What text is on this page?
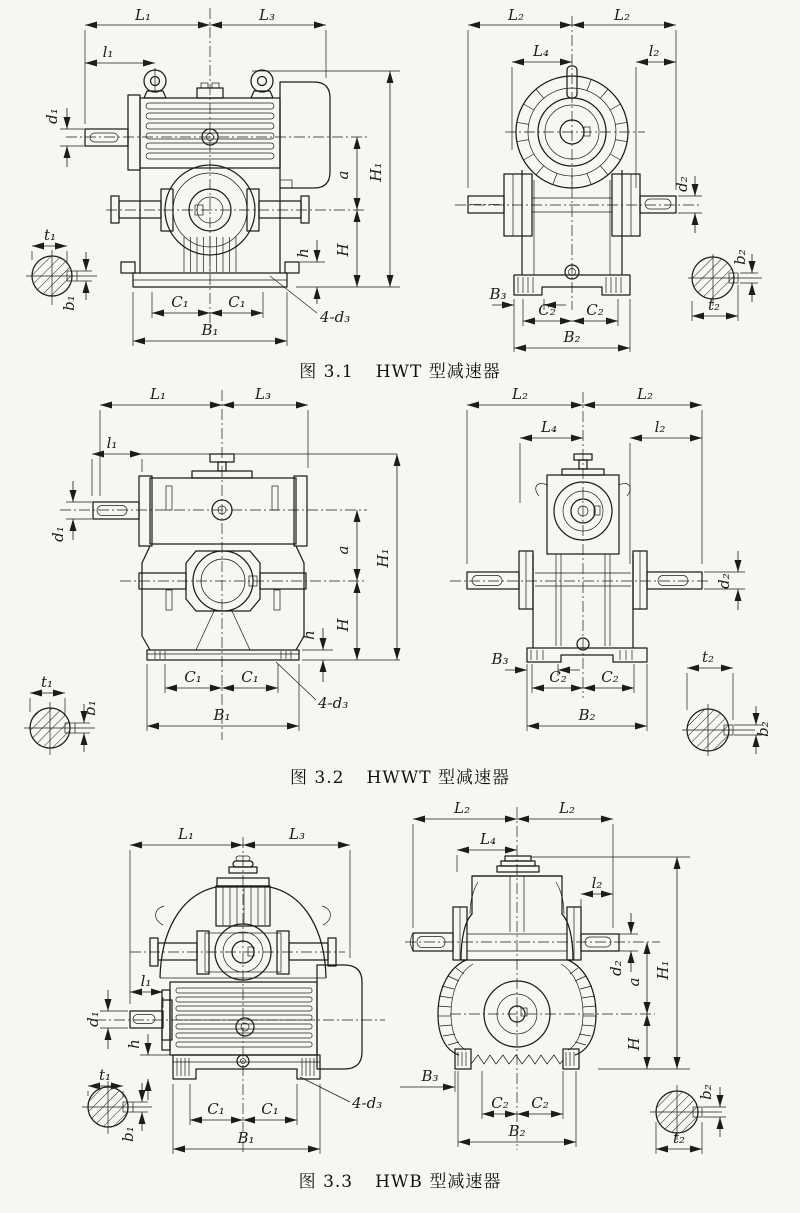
L₁	L₃
l₁
d₁
a
H
H₁
h
C₁	C₁
B₁
4-d₃
t₁
b₁
L₂	L₂
L₄	l₂
d₂
B₃
C₂ C₂
B₂
b₂
t₂
图 3.1 HWT 型减速器
L₁	L₃
l₁
d₁
a
H
H₁
h
C₁	C₁
B₁
4-d₃
t₁
b₁
L₂	L₂
L₄	l₂
d₂
B₃
C₂ C₂
B₂
t₂
b₂
图 3.2 HWWT 型减速器
L₁	L₃
l₁
d₁
h
C₁ C₁
B₁
4-d₃
t₁
b₁
L₂	L₂
L₄
H₁
l₂
d₂
a
H
B₃
C₂ C₂
B₂
b₂
t₂
图 3.3 HWB 型减速器
